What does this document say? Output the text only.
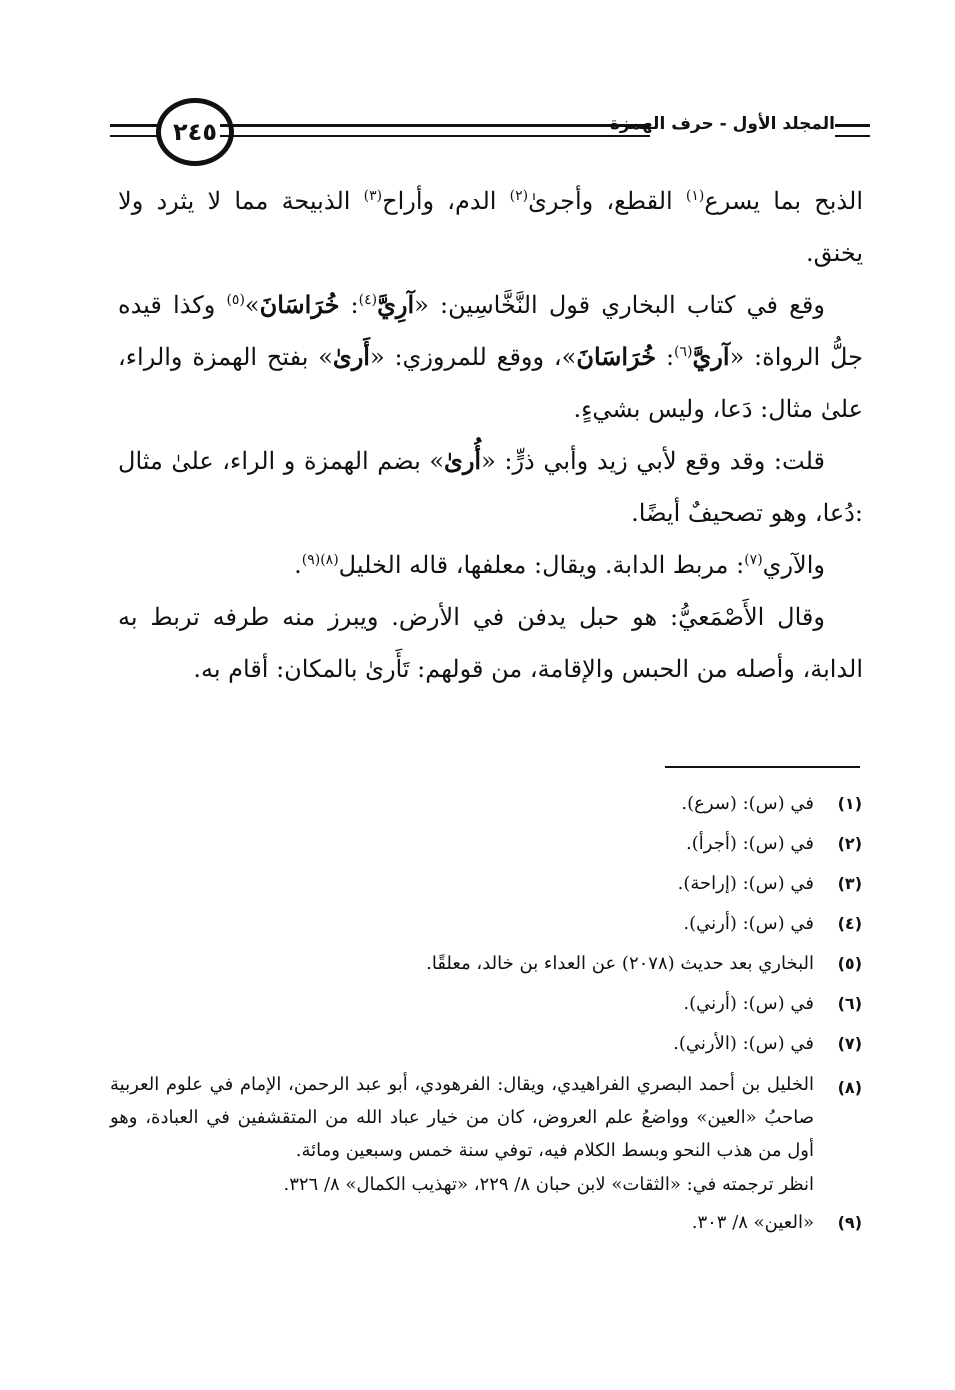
٢٤٥	المجلد الأول - حرف الهمزة

الذبح بما يسرع$^{(١)}$ القطع، وأجرىٰ$^{(٢)}$ الدم، وأراح$^{(٣)}$ الذبيحة مما لا يثرد ولا يخنق.

وقع في كتاب البخاري قول النَّخَّاسِين: «آرِيَّ$^{(٤)}$: خُرَاسَانَ»$^{(٥)}$ وكذا قيده جلُّ الرواة: «آريَّ$^{(٦)}$: خُرَاسَانَ»، ووقع للمروزي: «أَرىٰ» بفتح الهمزة والراء، علىٰ مثال: دَعا، وليس بشيءٍ.

قلت: وقد وقع لأبي زيد وأبي ذرٍّ: «أُرىٰ» بضم الهمزة و الراء، علىٰ مثال :دُعا، وهو تصحيفٌ أيضًا.

والآري$^{(٧)}$: مربط الدابة. ويقال: معلفها، قاله الخليل$^{(٨)(٩)}$.

وقال الأَصْمَعيُّ: هو حبل يدفن في الأرض. ويبرز منه طرفه تربط به الدابة، وأصله من الحبس والإقامة، من قولهم: تَأَرىٰ بالمكان: أقام به.

(١)
في (س): (سرع).
(٢)
في (س): (أجرأ).
(٣)
في (س): (إراحة).
(٤)
في (س): (أرني).
(٥)
البخاري بعد حديث (٢٠٧٨) عن العداء بن خالد، معلقًا.
(٦)
في (س): (أرني).
(٧)
في (س): (الأرني).
(٨)
الخليل بن أحمد البصري الفراهيدي، ويقال: الفرهودي، أبو عبد الرحمن، الإمام في علوم العربية صاحبُ «العين» وواضعُ علم العروض، كان من خيار عباد الله من المتقشفين في العبادة، وهو أول من هذب النحو وبسط الكلام فيه، توفي سنة خمس وسبعين ومائة.
انظر ترجمته في: «الثقات» لابن حبان ٨/ ٢٢٩، «تهذيب الكمال» ٨/ ٣٢٦.
(٩)
«العين» ٨/ ٣٠٣.
